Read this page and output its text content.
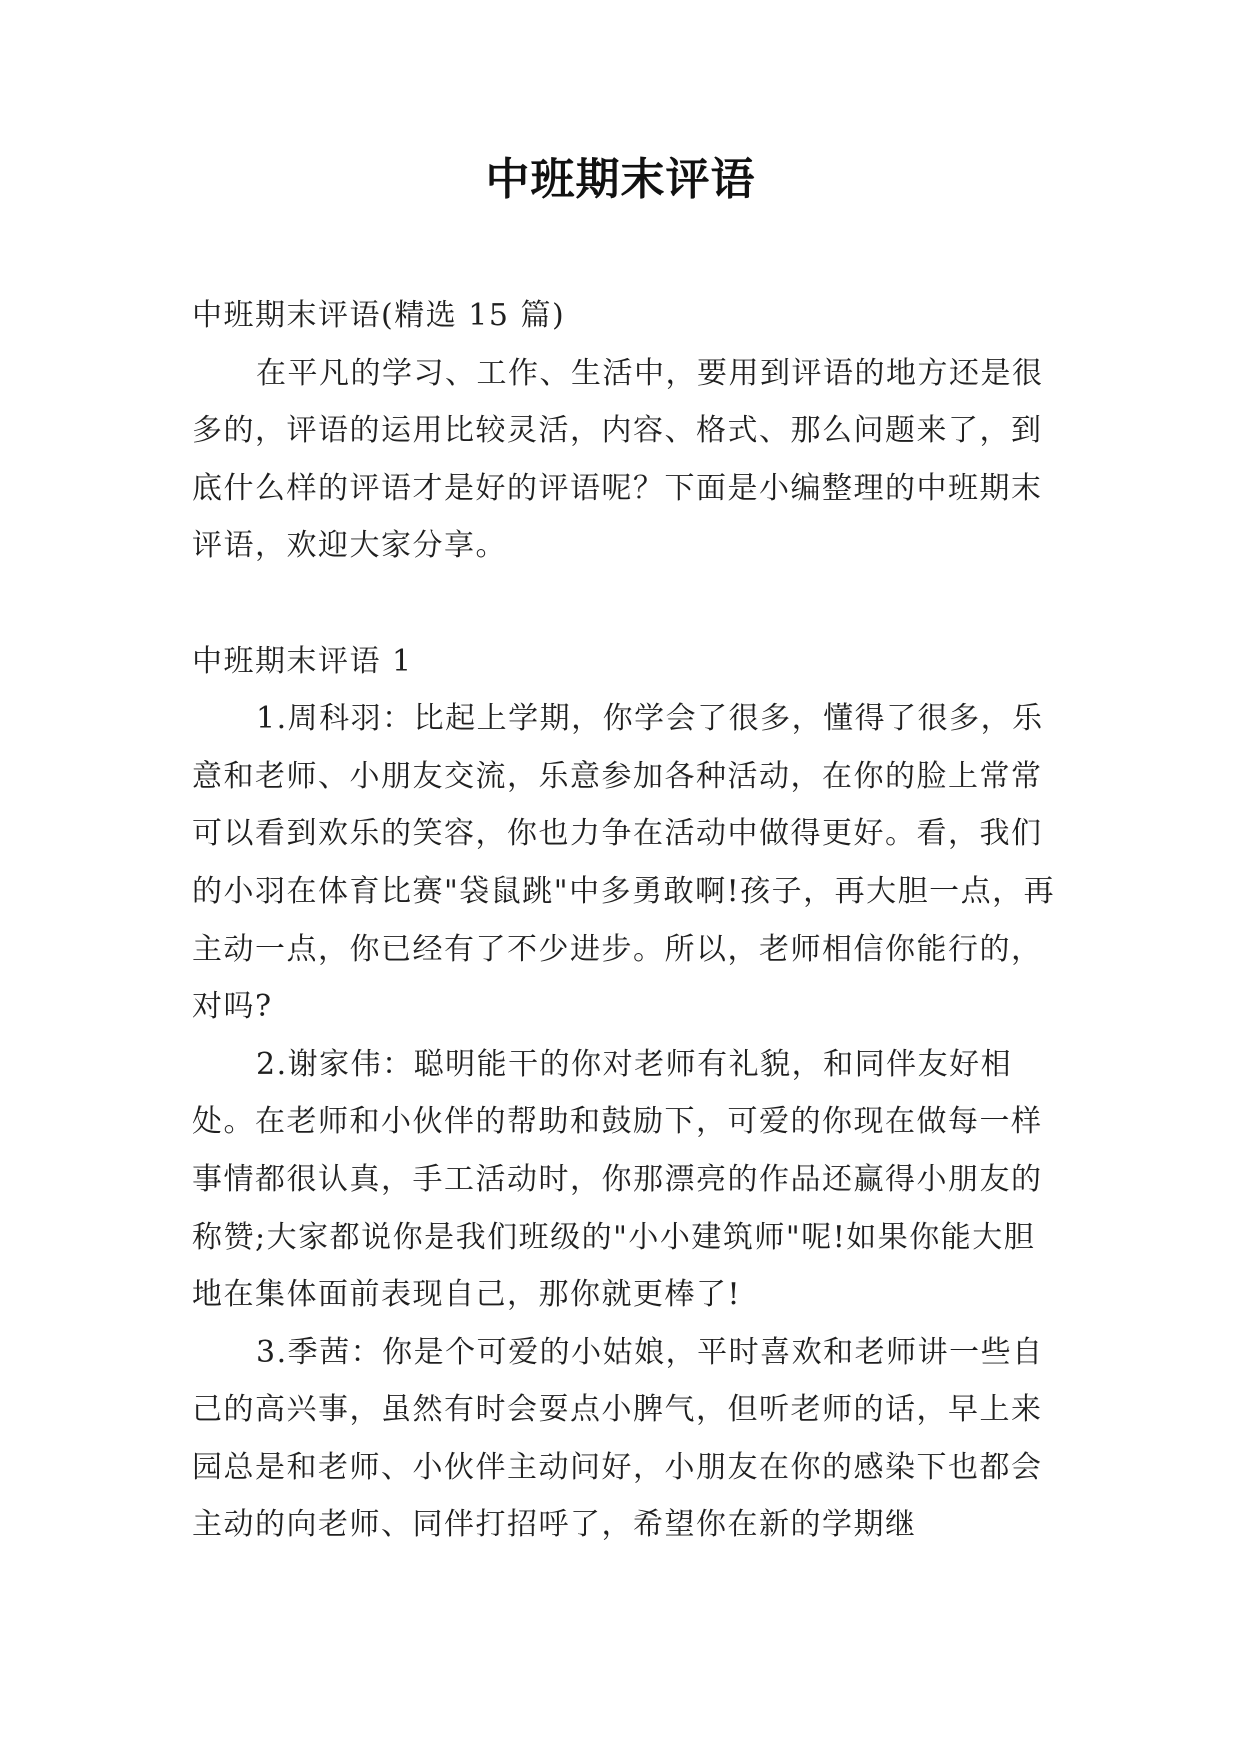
中班期末评语

中班期末评语(精选 15 篇)

在平凡的学习、工作、生活中，要用到评语的地方还是很多的，评语的运用比较灵活，内容、格式、那么问题来了，到底什么样的评语才是好的评语呢？下面是小编整理的中班期末评语，欢迎大家分享。

中班期末评语 1

1.周科羽：比起上学期，你学会了很多，懂得了很多，乐意和老师、小朋友交流，乐意参加各种活动，在你的脸上常常可以看到欢乐的笑容，你也力争在活动中做得更好。看，我们的小羽在体育比赛"袋鼠跳"中多勇敢啊!孩子，再大胆一点，再主动一点，你已经有了不少进步。所以，老师相信你能行的，对吗?

2.谢家伟：聪明能干的你对老师有礼貌，和同伴友好相处。在老师和小伙伴的帮助和鼓励下，可爱的你现在做每一样事情都很认真，手工活动时，你那漂亮的作品还赢得小朋友的称赞;大家都说你是我们班级的"小小建筑师"呢!如果你能大胆地在集体面前表现自己，那你就更棒了!

3.季茜：你是个可爱的小姑娘，平时喜欢和老师讲一些自己的高兴事，虽然有时会耍点小脾气，但听老师的话，早上来园总是和老师、小伙伴主动问好，小朋友在你的感染下也都会主动的向老师、同伴打招呼了，希望你在新的学期继
